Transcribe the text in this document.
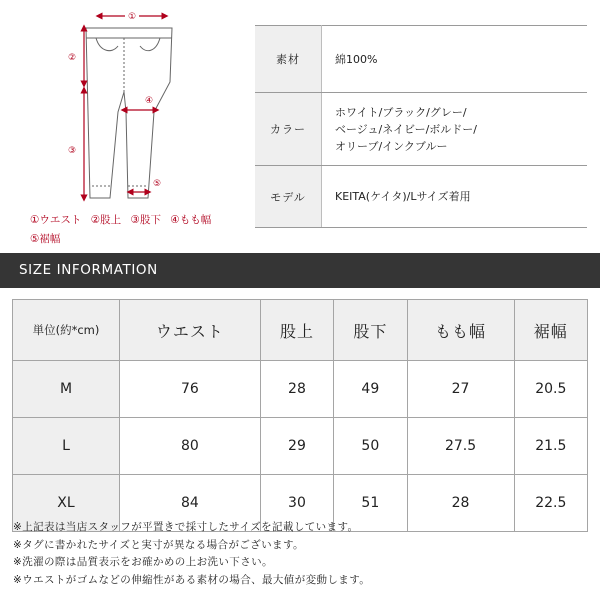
①
②
③
④
⑤
①ウエスト ②股上 ③股下 ④もも幅
⑤裾幅
素材	綿100%
カラー	ホワイト/ブラック/グレー/
ベージュ/ネイビー/ボルドー/
オリーブ/インクブルー

モデル	KEITA(ケイタ)/Lサイズ着用
SIZE INFORMATION
単位(約*cm)	ウエスト	股上	股下	もも幅	裾幅
M	76	28	49	27	20.5
L	80	29	50	27.5	21.5
XL	84	30	51	28	22.5
※上記表は当店スタッフが平置きで採寸したサイズを記載しています。
※タグに書かれたサイズと実寸が異なる場合がございます。
※洗濯の際は品質表示をお確かめの上お洗い下さい。
※ウエストがゴムなどの伸縮性がある素材の場合、最大値が変動します。
